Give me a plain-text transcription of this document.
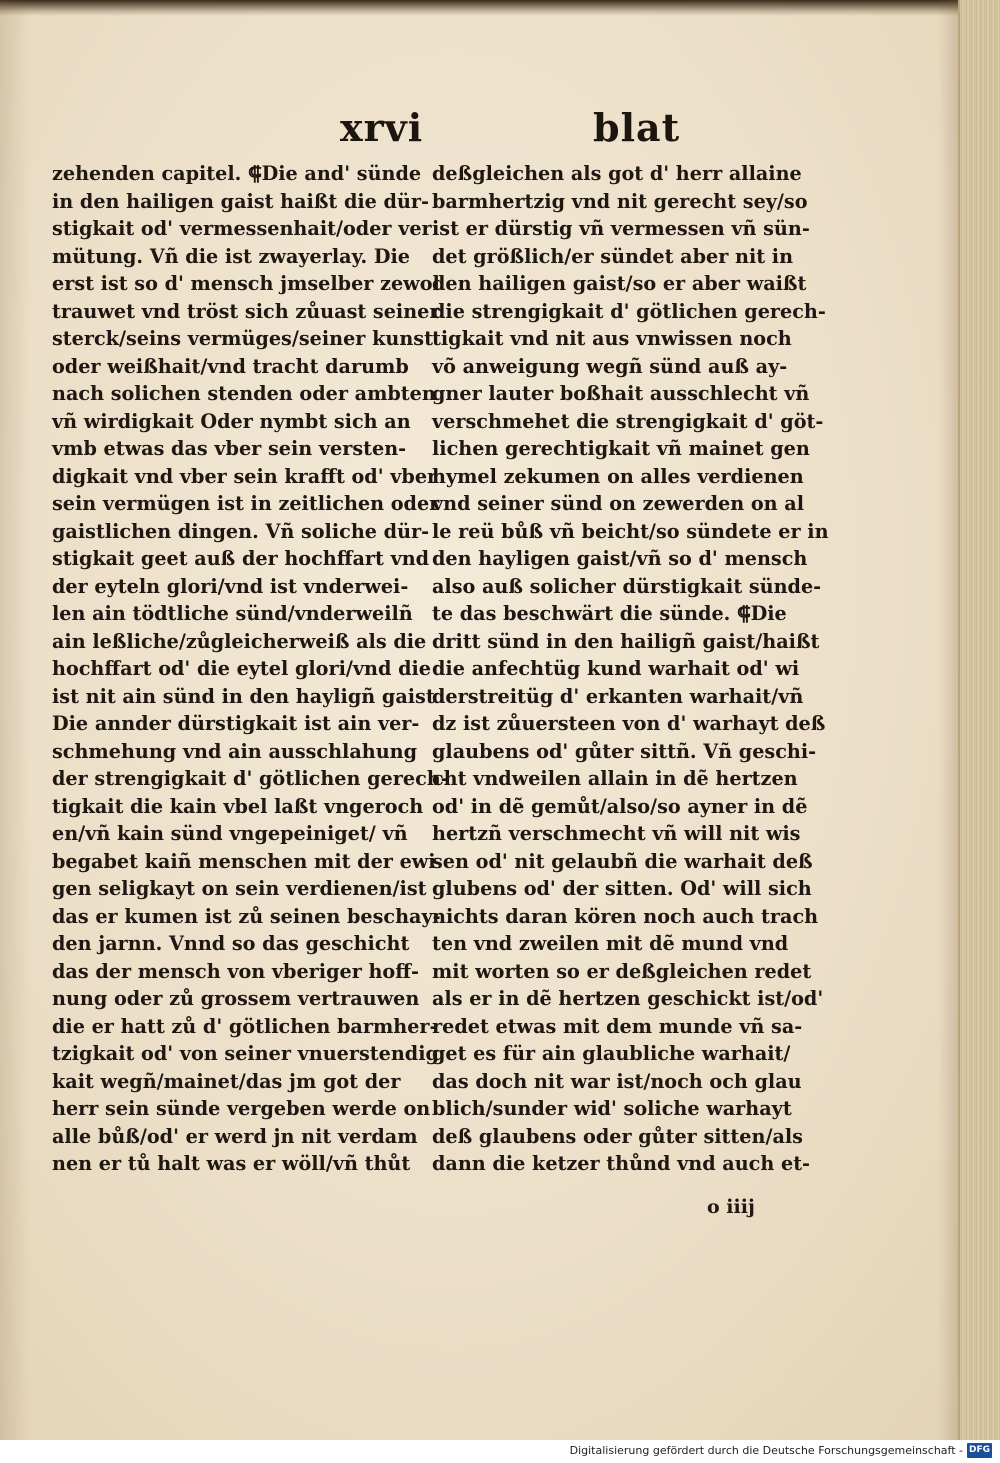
xrvi	blat
zehenden capitel. ⸿Die and' sünde
in den hailigen gaist haißt die dür-
stigkait od' vermessenhait/oder ver
mütung. Vñ die ist zwayerlay. Die
erst ist so d' mensch jmselber zewol
trauwet vnd tröst sich zůuast seiner
sterck/seins vermüges/seiner kunst
oder weißhait/vnd tracht darumb
nach solichen stenden oder ambten
vñ wirdigkait Oder nymbt sich an
vmb etwas das vber sein versten-
digkait vnd vber sein krafft od' vber
sein vermügen ist in zeitlichen oder
gaistlichen dingen. Vñ soliche dür-
stigkait geet auß der hochffart vnd
der eyteln glori/vnd ist vnderwei-
len ain tödtliche sünd/vnderweilñ
ain leßliche/zůgleicherweiß als die
hochffart od' die eytel glori/vnd die
ist nit ain sünd in den hayligñ gaist
Die annder dürstigkait ist ain ver-
schmehung vnd ain ausschlahung
der strengigkait d' götlichen gerech-
tigkait die kain vbel laßt vngeroch
en/vñ kain sünd vngepeiniget/ vñ
begabet kaiñ menschen mit der ewi
gen seligkayt on sein verdienen/ist
das er kumen ist zů seinen beschay-
den jarnn. Vnnd so das geschicht
das der mensch von vberiger hoff-
nung oder zů grossem vertrauwen
die er hatt zů d' götlichen barmher-
tzigkait od' von seiner vnuerstendig
kait wegñ/mainet/das jm got der
herr sein sünde vergeben werde on
alle bůß/od' er werd jn nit verdam
nen er tů halt was er wöll/vñ thůt
deßgleichen als got d' herr allaine
barmhertzig vnd nit gerecht sey/so
ist er dürstig vñ vermessen vñ sün-
det größlich/er sündet aber nit in
den hailigen gaist/so er aber waißt
die strengigkait d' götlichen gerech-
tigkait vnd nit aus vnwissen noch
võ anweigung wegñ sünd auß ay-
gner lauter boßhait ausschlecht vñ
verschmehet die strengigkait d' göt-
lichen gerechtigkait vñ mainet gen
hymel zekumen on alles verdienen
vnd seiner sünd on zewerden on al
le reü bůß vñ beicht/so sündete er in
den hayligen gaist/vñ so d' mensch
also auß solicher dürstigkait sünde-
te das beschwärt die sünde. ⸿Die
dritt sünd in den hailigñ gaist/haißt
die anfechtüg kund warhait od' wi
derstreitüg d' erkanten warhait/vñ
dz ist zůuersteen von d' warhayt deß
glaubens od' gůter sittñ. Vñ geschi-
cht vndweilen allain in dẽ hertzen
od' in dẽ gemůt/also/so ayner in dẽ
hertzñ verschmecht vñ will nit wis
sen od' nit gelaubñ die warhait deß
glubens od' der sitten. Od' will sich
nichts daran kören noch auch trach
ten vnd zweilen mit dẽ mund vnd
mit worten so er deßgleichen redet
als er in dẽ hertzen geschickt ist/od'
redet etwas mit dem munde vñ sa-
get es für ain glaubliche warhait/
das doch nit war ist/noch och glau
blich/sunder wid' soliche warhayt
deß glaubens oder gůter sitten/als
dann die ketzer thůnd vnd auch et-
o iiij
Digitalisierung gefördert durch die Deutsche Forschungsgemeinschaft - DFG
